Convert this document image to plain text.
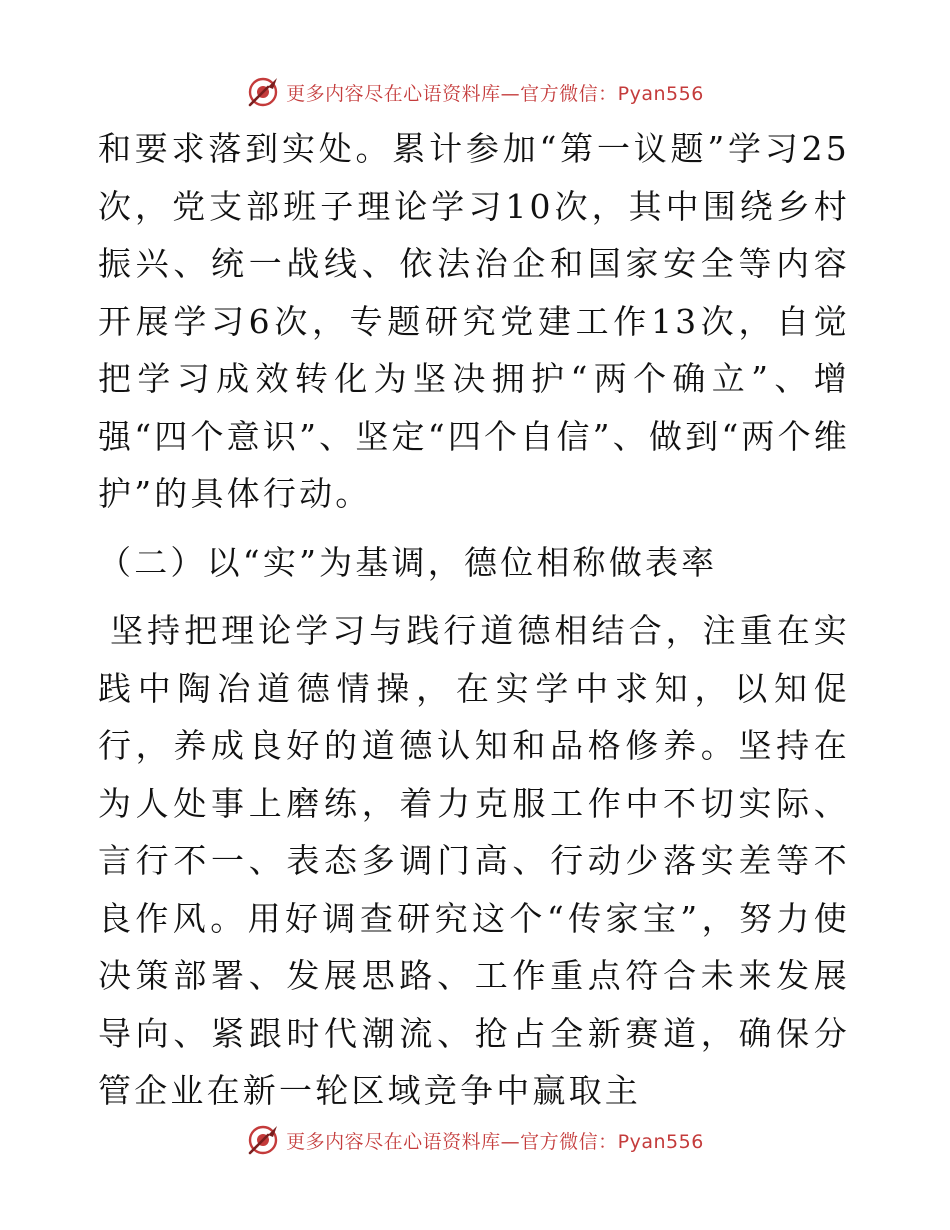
更多内容尽在心语资料库—官方微信：Pyan556

和要求落到实处。累计参加“第一议题”学习25次，党支部班子理论学习10次，其中围绕乡村振兴、统一战线、依法治企和国家安全等内容开展学习6次，专题研究党建工作13次，自觉把学习成效转化为坚决拥护“两个确立”、增强“四个意识”、坚定“四个自信”、做到“两个维护”的具体行动。

（二）以“实”为基调，德位相称做表率

坚持把理论学习与践行道德相结合，注重在实践中陶冶道德情操，在实学中求知，以知促行，养成良好的道德认知和品格修养。坚持在为人处事上磨练，着力克服工作中不切实际、言行不一、表态多调门高、行动少落实差等不良作风。用好调查研究这个“传家宝”，努力使决策部署、发展思路、工作重点符合未来发展导向、紧跟时代潮流、抢占全新赛道，确保分管企业在新一轮区域竞争中赢取主

更多内容尽在心语资料库—官方微信：Pyan556
